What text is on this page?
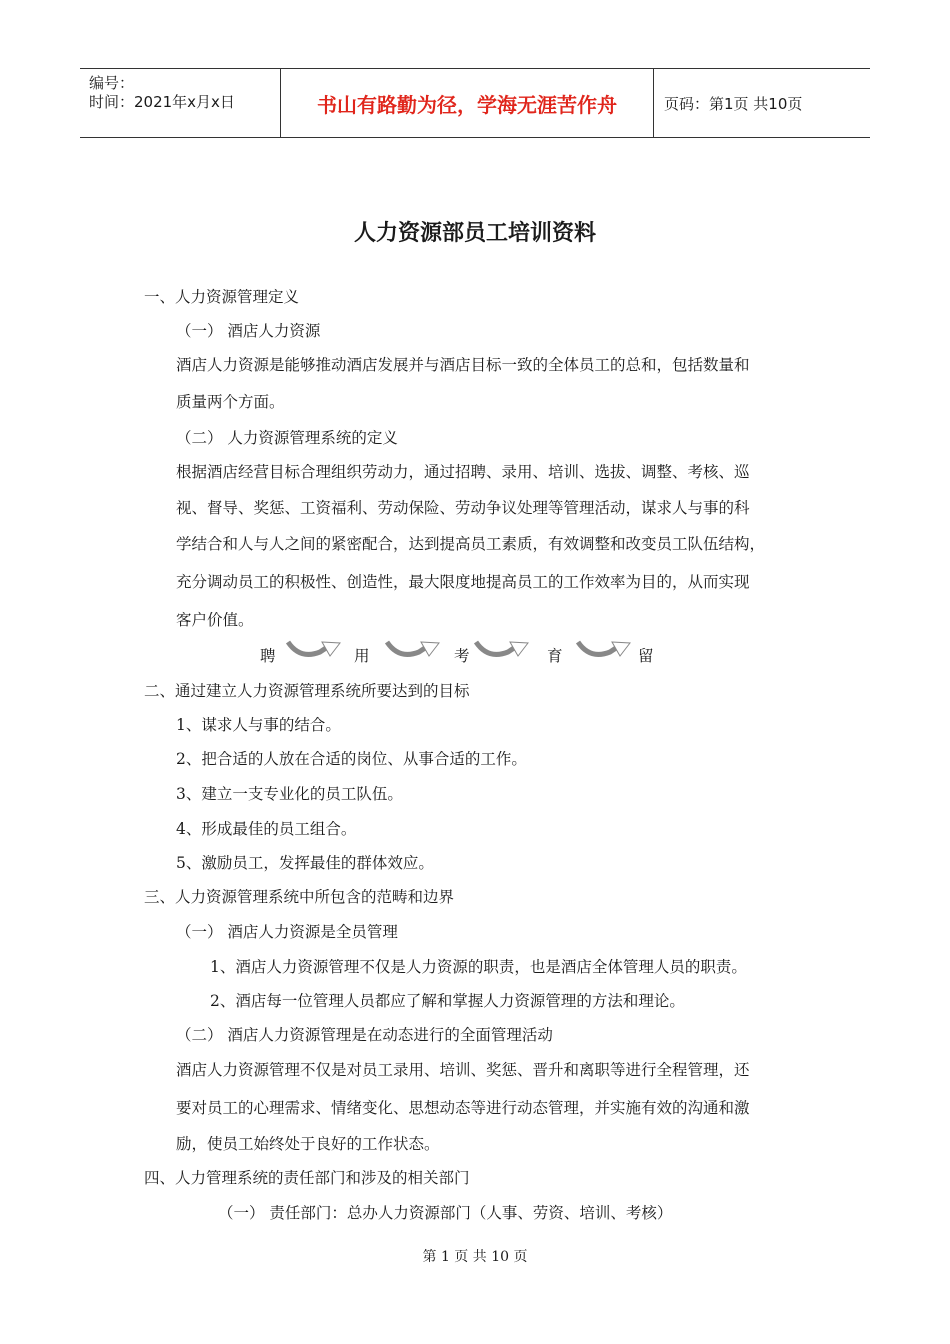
编号：
时间：2021年x月x日	书山有路勤为径，学海无涯苦作舟	页码：第1页 共10页
人力资源部员工培训资料
一、人力资源管理定义
（一） 酒店人力资源
酒店人力资源是能够推动酒店发展并与酒店目标一致的全体员工的总和，包括数量和
质量两个方面。
（二） 人力资源管理系统的定义
根据酒店经营目标合理组织劳动力，通过招聘、录用、培训、选拔、调整、考核、巡
视、督导、奖惩、工资福利、劳动保险、劳动争议处理等管理活动，谋求人与事的科
学结合和人与人之间的紧密配合，达到提高员工素质，有效调整和改变员工队伍结构，
充分调动员工的积极性、创造性，最大限度地提高员工的工作效率为目的，从而实现
客户价值。
聘	用	考	育	留
二、通过建立人力资源管理系统所要达到的目标
1、谋求人与事的结合。
2、把合适的人放在合适的岗位、从事合适的工作。
3、建立一支专业化的员工队伍。
4、形成最佳的员工组合。
5、激励员工，发挥最佳的群体效应。
三、人力资源管理系统中所包含的范畴和边界
（一） 酒店人力资源是全员管理
1、酒店人力资源管理不仅是人力资源的职责，也是酒店全体管理人员的职责。
2、酒店每一位管理人员都应了解和掌握人力资源管理的方法和理论。
（二） 酒店人力资源管理是在动态进行的全面管理活动
酒店人力资源管理不仅是对员工录用、培训、奖惩、晋升和离职等进行全程管理，还
要对员工的心理需求、情绪变化、思想动态等进行动态管理，并实施有效的沟通和激
励，使员工始终处于良好的工作状态。
四、人力管理系统的责任部门和涉及的相关部门
（一） 责任部门：总办人力资源部门（人事、劳资、培训、考核）
第 1 页 共 10 页
